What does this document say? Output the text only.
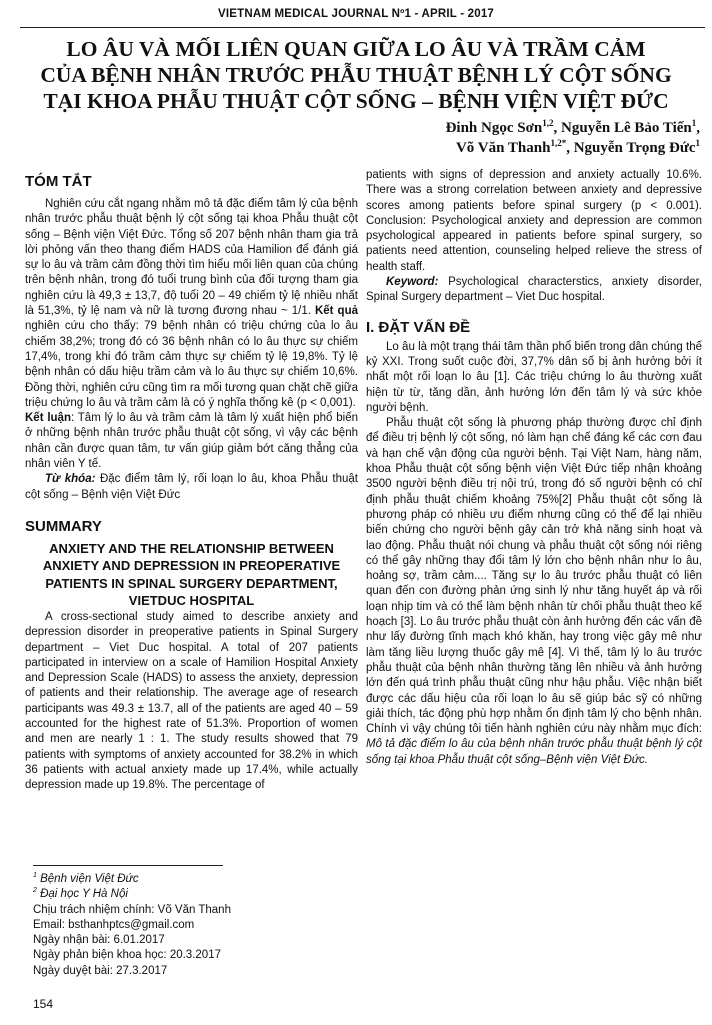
VIETNAM MEDICAL JOURNAL Nº1 - APRIL - 2017
LO ÂU VÀ MỐI LIÊN QUAN GIỮA LO ÂU VÀ TRẦM CẢM
CỦA BỆNH NHÂN TRƯỚC PHẪU THUẬT BỆNH LÝ CỘT SỐNG
TẠI KHOA PHẪU THUẬT CỘT SỐNG – BỆNH VIỆN VIỆT ĐỨC
Đinh Ngọc Sơn$^{1,2}$, Nguyễn Lê Bảo Tiến$^1$,
Võ Văn Thanh$^{1,2*}$, Nguyễn Trọng Đức$^1$
TÓM TẮT

Nghiên cứu cắt ngang nhằm mô tả đặc điểm tâm lý của bệnh nhân trước phẫu thuật bệnh lý cột sống tại khoa Phẫu thuật cột sống – Bệnh viện Việt Đức. Tổng số 207 bệnh nhân tham gia trả lời phỏng vấn theo thang điểm HADS của Hamilion để đánh giá sự lo âu và trầm cảm đồng thời tìm hiểu mối liên quan của chúng trên bệnh nhân, trong đó tuổi trung bình của đối tượng tham gia nghiên cứu là 49,3 ± 13,7, độ tuổi 20 – 49 chiếm tỷ lệ nhiều nhất là 51,3%, tỷ lệ nam và nữ là tương đương nhau ~ 1/1. Kết quả nghiên cứu cho thấy: 79 bệnh nhân có triệu chứng của lo âu chiếm 38,2%; trong đó có 36 bệnh nhân có lo âu thực sự chiếm 17,4%, trong khi đó trầm cảm thực sự chiếm tỷ lệ 19,8%. Tỷ lệ bệnh nhân có dấu hiệu trầm cảm và lo âu thực sự chiếm 10,6%. Đồng thời, nghiên cứu cũng tìm ra mối tương quan chặt chẽ giữa triệu chứng lo âu và trầm cảm là có ý nghĩa thống kê (p < 0,001).

Kết luận: Tâm lý lo âu và trầm cảm là tâm lý xuất hiện phổ biến ở những bệnh nhân trước phẫu thuật cột sống, vì vậy các bệnh nhân cần được quan tâm, tư vấn giúp giảm bớt căng thẳng của nhân viên Y tế.

Từ khóa: Đặc điểm tâm lý, rối loạn lo âu, khoa Phẫu thuật cột sống – Bệnh viện Việt Đức

SUMMARY
ANXIETY AND THE RELATIONSHIP BETWEEN ANXIETY AND DEPRESSION IN PREOPERATIVE PATIENTS IN SPINAL SURGERY DEPARTMENT, VIETDUC HOSPITAL

A cross-sectional study aimed to describe anxiety and depression disorder in preoperative patients in Spinal Surgery department – Viet Duc hospital. A total of 207 patients participated in interview on a scale of Hamilion Hospital Anxiety and Depression Scale (HADS) to assess the anxiety, depression of patients and their relationship. The average age of research participants was 49.3 ± 13.7, all of the patients are aged 40 – 59 accounted for the highest rate of 51.3%. Proportion of women and men are nearly 1 : 1. The study results showed that 79 patients with symptoms of anxiety accounted for 38.2% in which 36 patients with actual anxiety made up 17.4%, while actually depression made up 19.8%. The percentage of

$^1$ Bệnh viện Việt Đức
$^2$ Đại học Y Hà Nội
Chịu trách nhiệm chính: Võ Văn Thanh
Email: bsthanhptcs@gmail.com
Ngày nhận bài: 6.01.2017
Ngày phản biện khoa học: 20.3.2017
Ngày duyệt bài: 27.3.2017
154

patients with signs of depression and anxiety actually 10.6%. There was a strong correlation between anxiety and depressive scores among patients before spinal surgery (p < 0.001). Conclusion: Psychological anxiety and depression are common psychological appeared in patients before spinal surgery, so patients need attention, counseling helped relieve the stress of health staff.

Keyword: Psychological characterstics, anxiety disorder, Spinal Surgery department – Viet Duc hospital.

I. ĐẶT VẤN ĐỀ

Lo âu là một trạng thái tâm thần phổ biến trong dân chúng thế kỷ XXI. Trong suốt cuộc đời, 37,7% dân số bị ảnh hưởng bởi ít nhất một rối loạn lo âu [1]. Các triệu chứng lo âu thường xuất hiện từ từ, tăng dần, ảnh hưởng lớn đến tâm lý và sức khỏe người bệnh.

Phẫu thuật cột sống là phương pháp thường được chỉ định để điều trị bệnh lý cột sống, nó làm hạn chế đáng kể các cơn đau và hạn chế vận động của người bệnh. Tại Việt Nam, hàng năm, khoa Phẫu thuật cột sống bệnh viện Việt Đức tiếp nhận khoảng 3500 người bệnh điều trị nội trú, trong đó số người bệnh có chỉ định phẫu thuật chiếm khoảng 75%[2] Phẫu thuật cột sống là phương pháp có nhiều ưu điểm nhưng cũng có thể để lại nhiều biến chứng cho người bệnh gây cản trở khả năng sinh hoạt và lao động. Phẫu thuật nói chung và phẫu thuật cột sống nói riêng có thể gây những thay đổi tâm lý lớn cho bệnh nhân như lo âu, hoảng sợ, trầm cảm.... Tăng sự lo âu trước phẫu thuật có liên quan đến con đường phản ứng sinh lý như tăng huyết áp và rối loạn nhịp tim và có thể làm bệnh nhân từ chối phẫu thuật theo kế hoạch [3]. Lo âu trước phẫu thuật còn ảnh hưởng đến các vấn đề như lấy đường tĩnh mạch khó khăn, hay trong việc gây mê như làm tăng liều lượng thuốc gây mê [4]. Vì thế, tâm lý lo âu trước phẫu thuật của bệnh nhân thường tăng lên nhiều và ảnh hưởng lớn đến quá trình phẫu thuật cũng như hậu phẫu. Việc nhận biết được các dấu hiệu của rối loạn lo âu sẽ giúp bác sỹ có những giải thích, tác động phù hợp nhằm ổn định tâm lý cho bệnh nhân. Chính vì vậy chúng tôi tiến hành nghiên cứu này nhằm mục đích: Mô tả đặc điểm lo âu của bệnh nhân trước phẫu thuật bệnh lý cột sống tại khoa Phẫu thuật cột sống–Bệnh viện Việt Đức.
